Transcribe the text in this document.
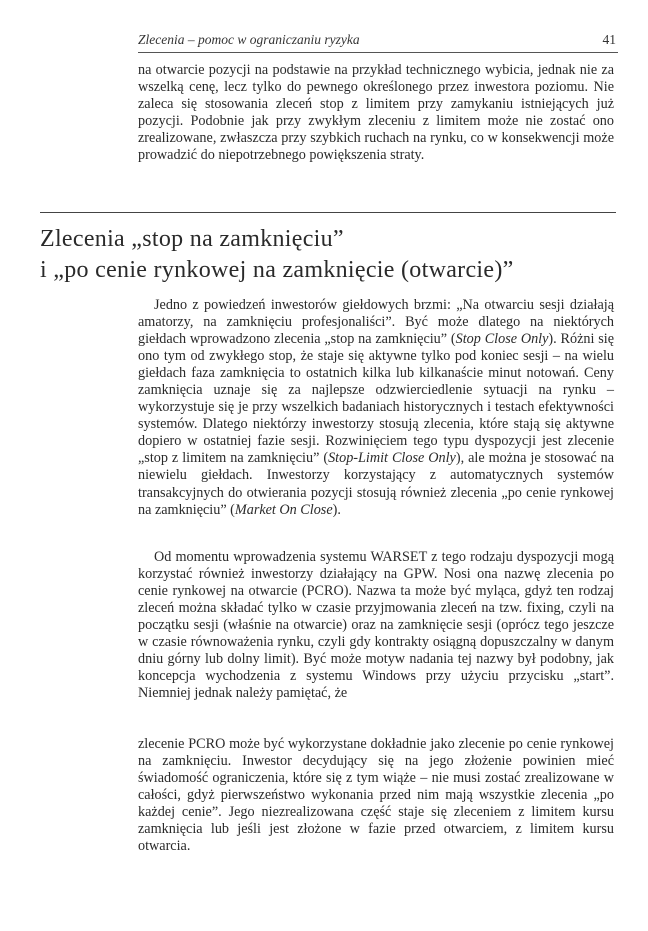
Zlecenia – pomoc w ograniczaniu ryzyka	41

na otwarcie pozycji na podstawie na przykład technicznego wybicia, jednak nie za wszelką cenę, lecz tylko do pewnego określonego przez inwestora poziomu. Nie zaleca się stosowania zleceń stop z limitem przy zamykaniu istniejących już pozycji. Podobnie jak przy zwykłym zleceniu z limitem może nie zostać ono zrealizowane, zwłaszcza przy szybkich ruchach na rynku, co w konsekwencji może prowadzić do niepotrzebnego powiększenia straty.

Zlecenia „stop na zamknięciu”
i „po cenie rynkowej na zamknięcie (otwarcie)”

Jedno z powiedzeń inwestorów giełdowych brzmi: „Na otwarciu sesji działają amatorzy, na zamknięciu profesjonaliści”. Być może dlatego na niektórych giełdach wprowadzono zlecenia „stop na zamknięciu” (Stop Close Only). Różni się ono tym od zwykłego stop, że staje się aktywne tylko pod koniec sesji – na wielu giełdach faza zamknięcia to ostatnich kilka lub kilkanaście minut notowań. Ceny zamknięcia uznaje się za najlepsze odzwierciedlenie sytuacji na rynku – wykorzystuje się je przy wszelkich badaniach historycznych i testach efektywności systemów. Dlatego niektórzy inwestorzy stosują zlecenia, które stają się aktywne dopiero w ostatniej fazie sesji. Rozwinięciem tego typu dyspozycji jest zlecenie „stop z limitem na zamknięciu” (Stop-Limit Close Only), ale można je stosować na niewielu giełdach. Inwestorzy korzystający z automatycznych systemów transakcyjnych do otwierania pozycji stosują również zlecenia „po cenie rynkowej na zamknięciu” (Market On Close).

Od momentu wprowadzenia systemu WARSET z tego rodzaju dyspozycji mogą korzystać również inwestorzy działający na GPW. Nosi ona nazwę zlecenia po cenie rynkowej na otwarcie (PCRO). Nazwa ta może być myląca, gdyż ten rodzaj zleceń można składać tylko w czasie przyjmowania zleceń na tzw. fixing, czyli na początku sesji (właśnie na otwarcie) oraz na zamknięcie sesji (oprócz tego jeszcze w czasie równoważenia rynku, czyli gdy kontrakty osiągną dopuszczalny w danym dniu górny lub dolny limit). Być może motyw nadania tej nazwy był podobny, jak koncepcja wychodzenia z systemu Windows przy użyciu przycisku „start”. Niemniej jednak należy pamiętać, że

zlecenie PCRO może być wykorzystane dokładnie jako zlecenie po cenie rynkowej na zamknięciu. Inwestor decydujący się na jego złożenie powinien mieć świadomość ograniczenia, które się z tym wiąże – nie musi zostać zrealizowane w całości, gdyż pierwszeństwo wykonania przed nim mają wszystkie zlecenia „po każdej cenie”. Jego niezrealizowana część staje się zleceniem z limitem kursu zamknięcia lub jeśli jest złożone w fazie przed otwarciem, z limitem kursu otwarcia.
